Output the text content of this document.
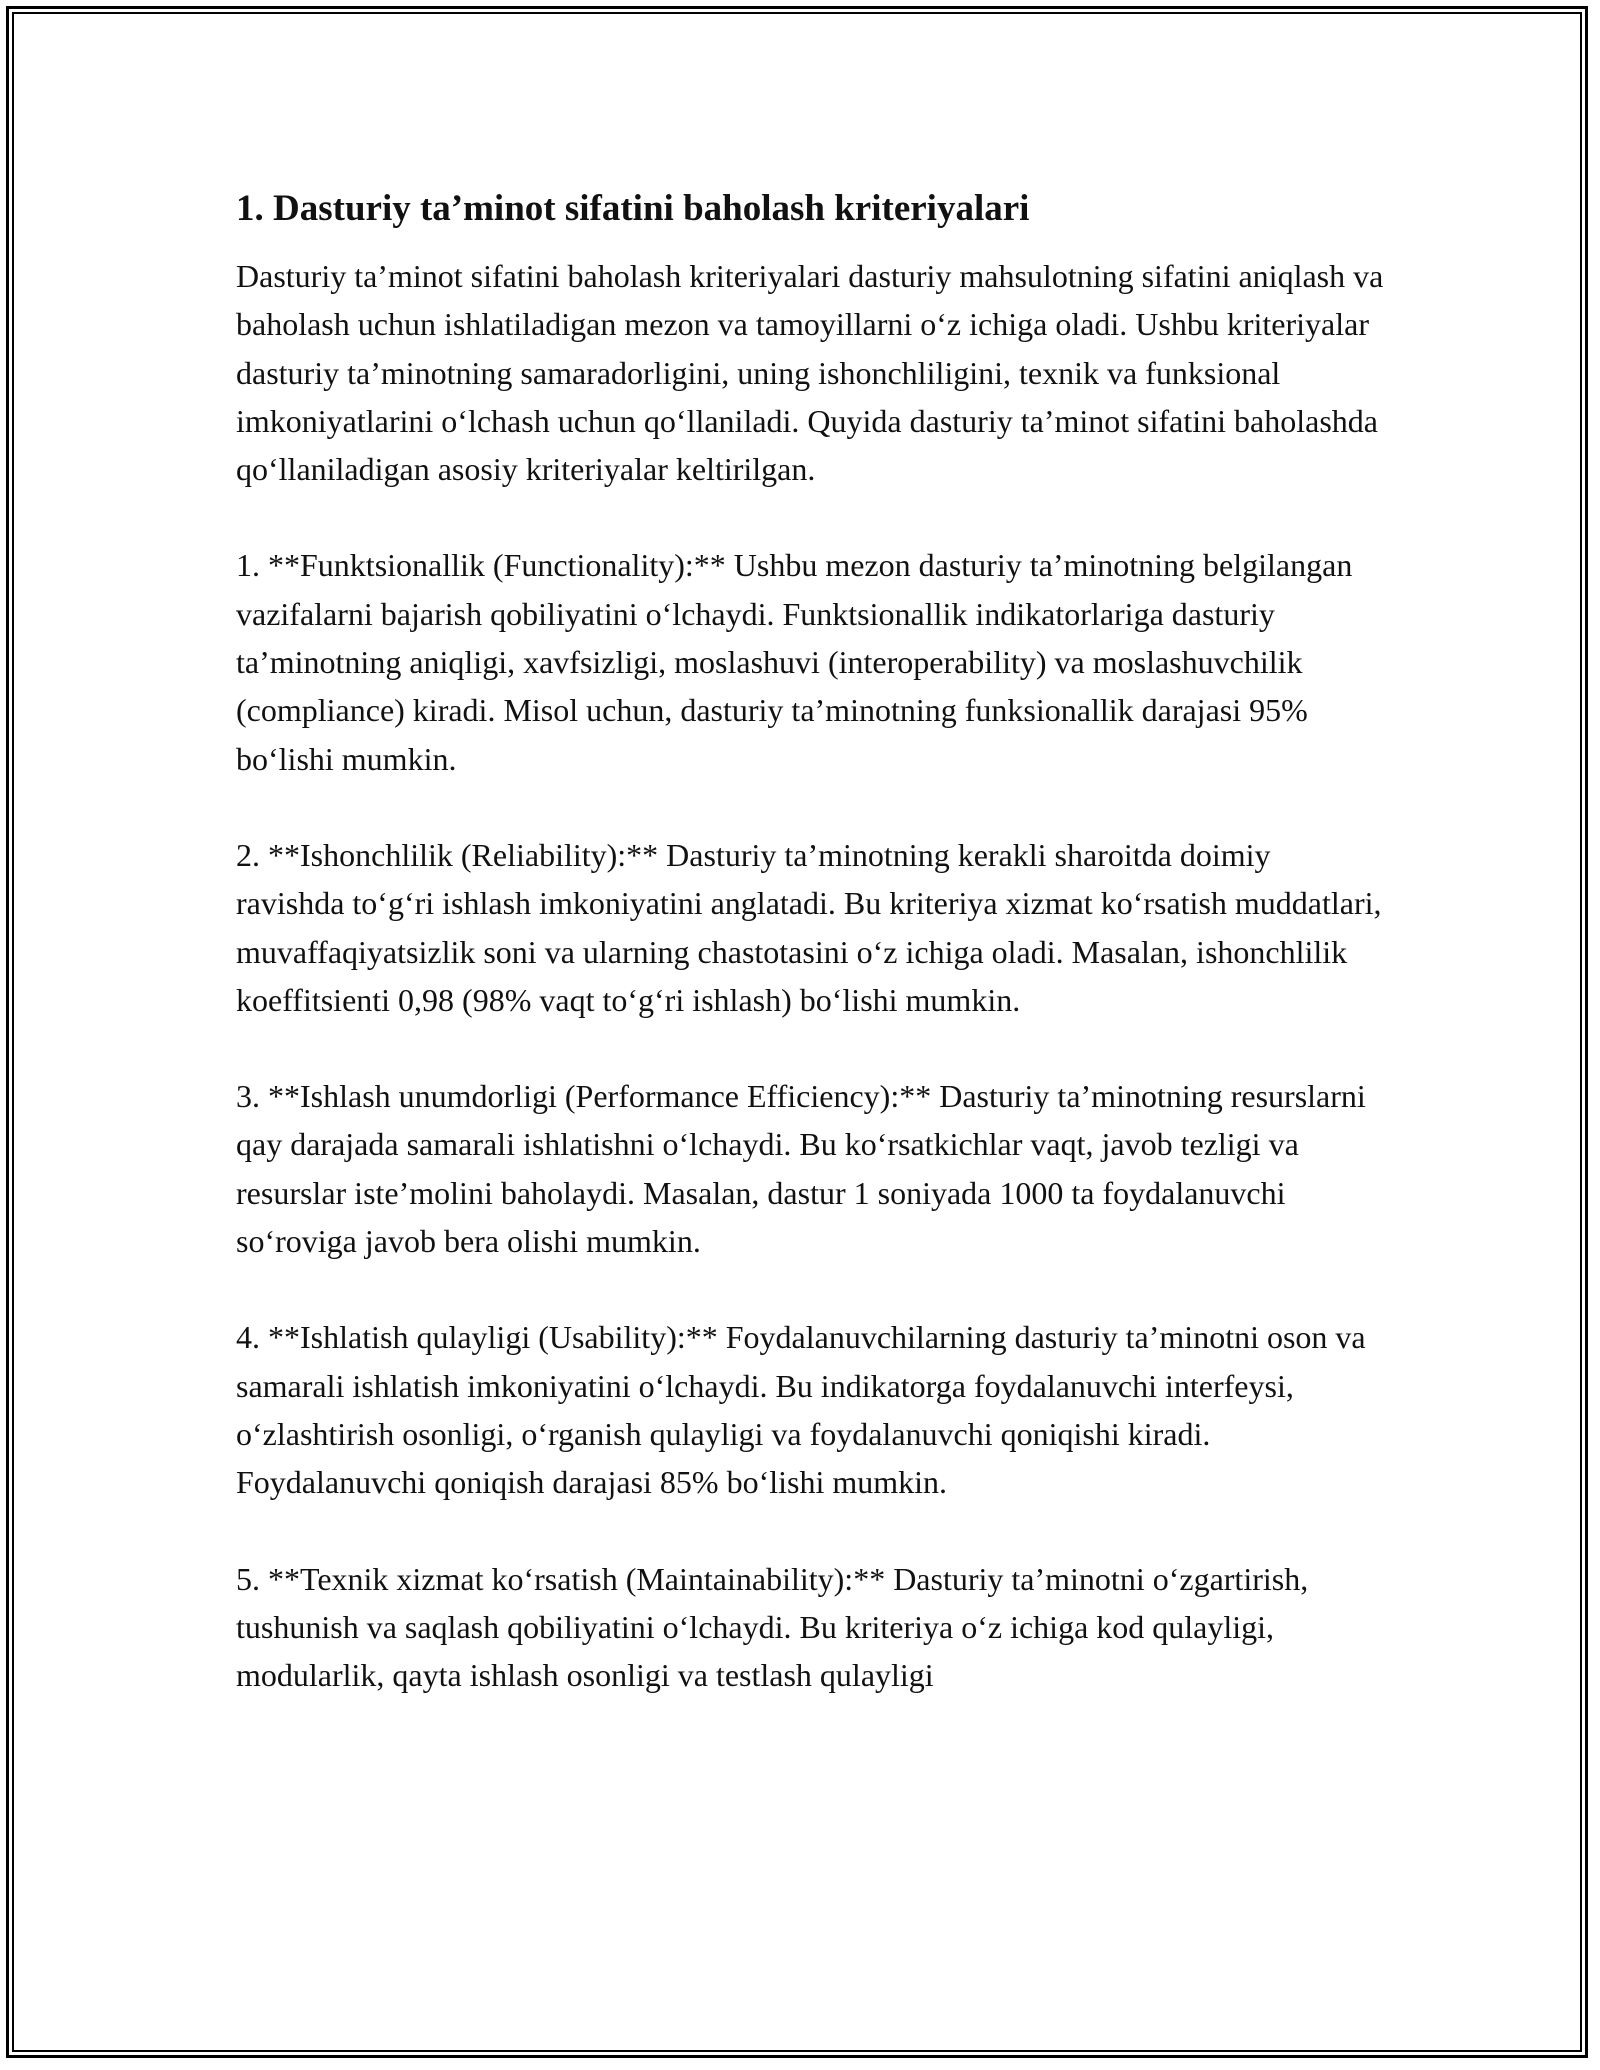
1. Dasturiy ta’minot sifatini baholash kriteriyalari

Dasturiy ta’minot sifatini baholash kriteriyalari dasturiy mahsulotning sifatini aniqlash va baholash uchun ishlatiladigan mezon va tamoyillarni o‘z ichiga oladi. Ushbu kriteriyalar dasturiy ta’minotning samaradorligini, uning ishonchliligini, texnik va funksional imkoniyatlarini o‘lchash uchun qo‘llaniladi. Quyida dasturiy ta’minot sifatini baholashda qo‘llaniladigan asosiy kriteriyalar keltirilgan.

1. **Funktsionallik (Functionality):** Ushbu mezon dasturiy ta’minotning belgilangan vazifalarni bajarish qobiliyatini o‘lchaydi. Funktsionallik indikatorlariga dasturiy ta’minotning aniqligi, xavfsizligi, moslashuvi (interoperability) va moslashuvchilik (compliance) kiradi. Misol uchun, dasturiy ta’minotning funksionallik darajasi 95% bo‘lishi mumkin.

2. **Ishonchlilik (Reliability):** Dasturiy ta’minotning kerakli sharoitda doimiy ravishda to‘g‘ri ishlash imkoniyatini anglatadi. Bu kriteriya xizmat ko‘rsatish muddatlari, muvaffaqiyatsizlik soni va ularning chastotasini o‘z ichiga oladi. Masalan, ishonchlilik koeffitsienti 0,98 (98% vaqt to‘g‘ri ishlash) bo‘lishi mumkin.

3. **Ishlash unumdorligi (Performance Efficiency):** Dasturiy ta’minotning resurslarni qay darajada samarali ishlatishni o‘lchaydi. Bu ko‘rsatkichlar vaqt, javob tezligi va resurslar iste’molini baholaydi. Masalan, dastur 1 soniyada 1000 ta foydalanuvchi so‘roviga javob bera olishi mumkin.

4. **Ishlatish qulayligi (Usability):** Foydalanuvchilarning dasturiy ta’minotni oson va samarali ishlatish imkoniyatini o‘lchaydi. Bu indikatorga foydalanuvchi interfeysi, o‘zlashtirish osonligi, o‘rganish qulayligi va foydalanuvchi qoniqishi kiradi. Foydalanuvchi qoniqish darajasi 85% bo‘lishi mumkin.

5. **Texnik xizmat ko‘rsatish (Maintainability):** Dasturiy ta’minotni o‘zgartirish, tushunish va saqlash qobiliyatini o‘lchaydi. Bu kriteriya o‘z ichiga kod qulayligi, modularlik, qayta ishlash osonligi va testlash qulayligi
